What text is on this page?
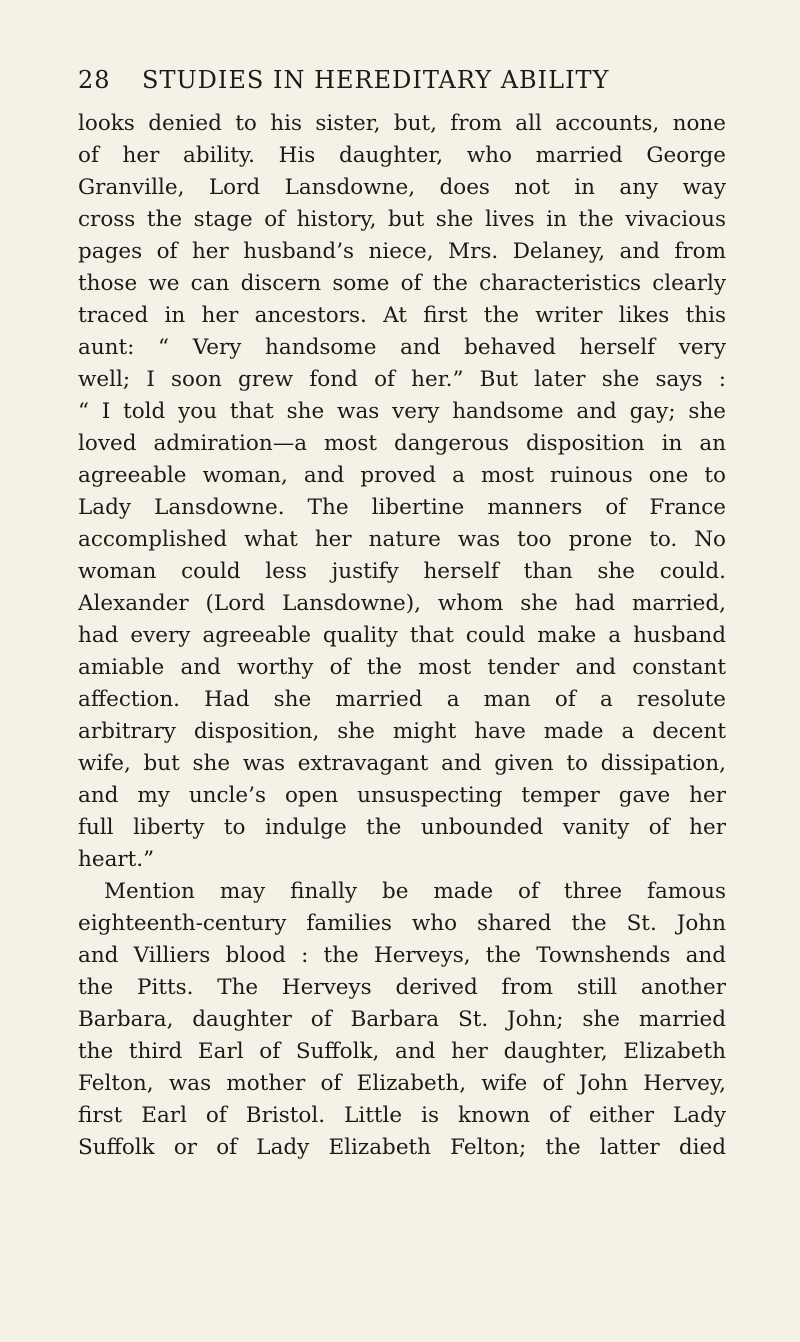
28 STUDIES IN HEREDITARY ABILITY
looks denied to his sister, but, from all accounts, none
of her ability. His daughter, who married George
Granville, Lord Lansdowne, does not in any way
cross the stage of history, but she lives in the vivacious
pages of her husband’s niece, Mrs. Delaney, and from
those we can discern some of the characteristics clearly
traced in her ancestors. At first the writer likes this
aunt: “ Very handsome and behaved herself very
well; I soon grew fond of her.” But later she says :
“ I told you that she was very handsome and gay; she
loved admiration—a most dangerous disposition in an
agreeable woman, and proved a most ruinous one to
Lady Lansdowne. The libertine manners of France
accomplished what her nature was too prone to. No
woman could less justify herself than she could.
Alexander (Lord Lansdowne), whom she had married,
had every agreeable quality that could make a husband
amiable and worthy of the most tender and constant
affection. Had she married a man of a resolute
arbitrary disposition, she might have made a decent
wife, but she was extravagant and given to dissipation,
and my uncle’s open unsuspecting temper gave her
full liberty to indulge the unbounded vanity of her
heart.”
Mention may finally be made of three famous
eighteenth-century families who shared the St. John
and Villiers blood : the Herveys, the Townshends and
the Pitts. The Herveys derived from still another
Barbara, daughter of Barbara St. John; she married
the third Earl of Suffolk, and her daughter, Elizabeth
Felton, was mother of Elizabeth, wife of John Hervey,
first Earl of Bristol. Little is known of either Lady
Suffolk or of Lady Elizabeth Felton; the latter died
